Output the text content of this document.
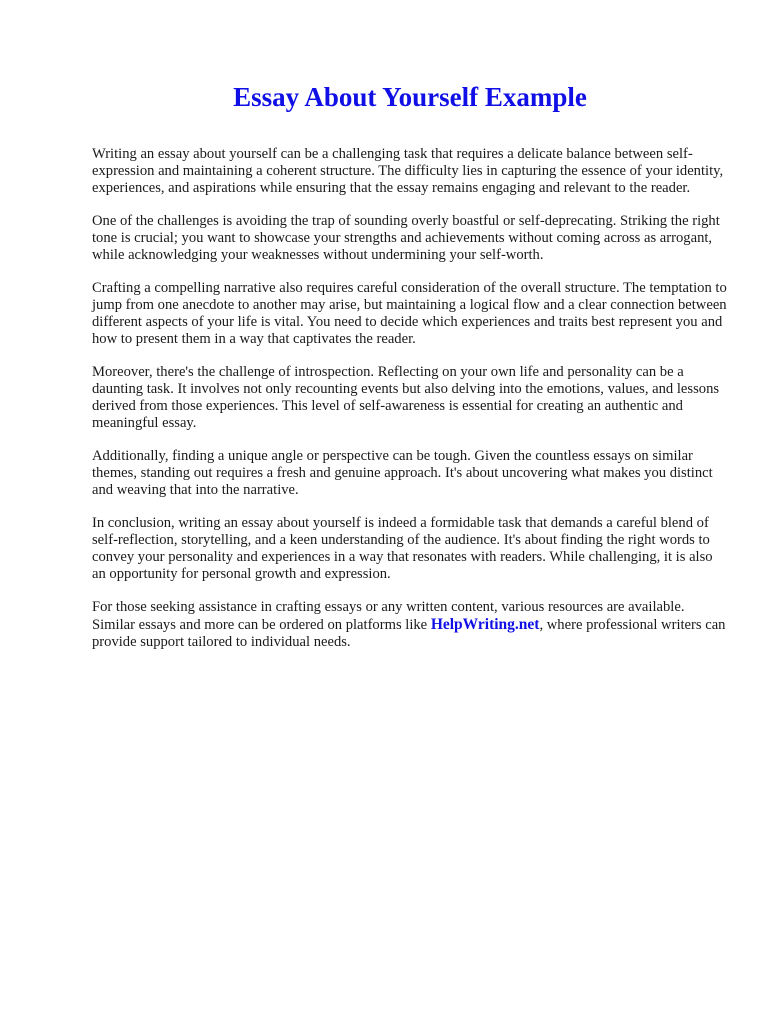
Essay About Yourself Example

Writing an essay about yourself can be a challenging task that requires a delicate balance between self-expression and maintaining a coherent structure. The difficulty lies in capturing the essence of your identity, experiences, and aspirations while ensuring that the essay remains engaging and relevant to the reader.

One of the challenges is avoiding the trap of sounding overly boastful or self-deprecating. Striking the right tone is crucial; you want to showcase your strengths and achievements without coming across as arrogant, while acknowledging your weaknesses without undermining your self-worth.

Crafting a compelling narrative also requires careful consideration of the overall structure. The temptation to jump from one anecdote to another may arise, but maintaining a logical flow and a clear connection between different aspects of your life is vital. You need to decide which experiences and traits best represent you and how to present them in a way that captivates the reader.

Moreover, there's the challenge of introspection. Reflecting on your own life and personality can be a daunting task. It involves not only recounting events but also delving into the emotions, values, and lessons derived from those experiences. This level of self-awareness is essential for creating an authentic and meaningful essay.

Additionally, finding a unique angle or perspective can be tough. Given the countless essays on similar themes, standing out requires a fresh and genuine approach. It's about uncovering what makes you distinct and weaving that into the narrative.

In conclusion, writing an essay about yourself is indeed a formidable task that demands a careful blend of self-reflection, storytelling, and a keen understanding of the audience. It's about finding the right words to convey your personality and experiences in a way that resonates with readers. While challenging, it is also an opportunity for personal growth and expression.

For those seeking assistance in crafting essays or any written content, various resources are available. Similar essays and more can be ordered on platforms like HelpWriting.net, where professional writers can provide support tailored to individual needs.
